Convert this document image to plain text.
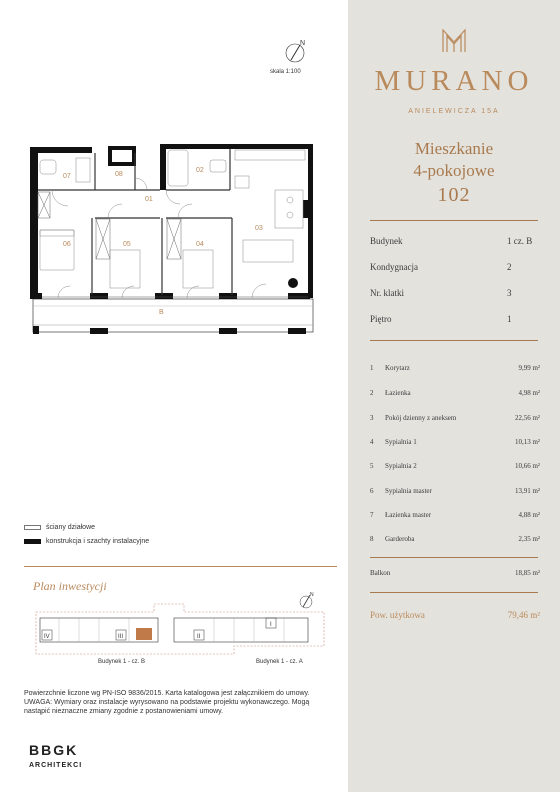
N
skala 1:100
07	08
02
01
03
06	05	04
B
ściany działowe
konstrukcja i szachty instalacyjne
Plan inwestycji
IV	III	II
I
N
Budynek 1 - cz. B	Budynek 1 - cz. A
Powierzchnie liczone wg PN-ISO 9836/2015. Karta katalogowa jest załącznikiem do umowy. UWAGA: Wymiary oraz instalacje wyrysowano na podstawie projektu wykonawczego. Mogą nastąpić nieznaczne zmiany zgodnie z postanowieniami umowy.
BBGK
ARCHITEKCI
MURANO
ANIELEWICZA 15A
Mieszkanie
4-pokojowe
102
Budynek	1 cz. B
Kondygnacja	2
Nr. klatki	3
Piętro	1
1 Korytarz	9,99 m²
2 Łazienka	4,98 m²
3 Pokój dzienny z aneksem	22,56 m²
4 Sypialnia 1	10,13 m²
5 Sypialnia 2	10,66 m²
6 Sypialnia master	13,91 m²
7 Łazienka master	4,88 m²
8 Garderoba	2,35 m²
Balkon	18,85 m²
Pow. użytkowa	79,46 m²
